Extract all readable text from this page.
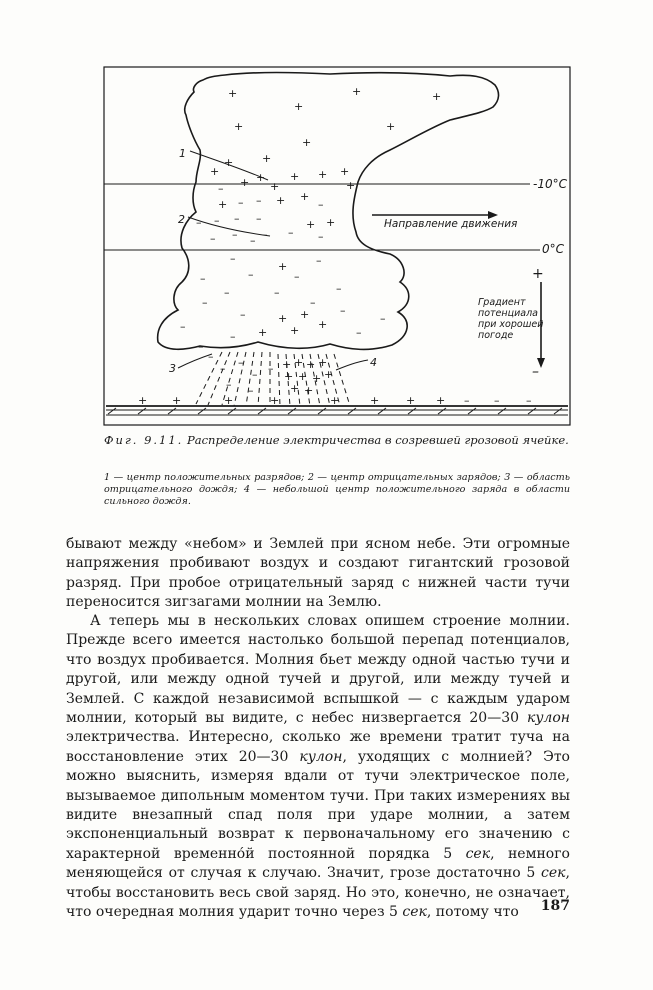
-10°C
0°C
Направление движения
+
–
Градиент потенциала при хорошей погоде
1
2
3	4
+	+	+
+
+
+
+
+
+
+	+ +
+
+
+
+
+
–
–
+	– + +
–
– – – –
– – –
+ +
–	–	–
–
+
–
–
–	–
–	–	–
–	–
–
–	+ +
+ + +
–	–
–
–
–
–
– –
– –
– –
+ + + +
+ + +
+ +
+
+ +	+	+	+	+ + + – – –
Фиг. 9.11. Распределение электричества в созревшей грозовой ячейке.
1 — центр положительных разрядов; 2 — центр отрицательных зарядов; 3 — область отрицательного дождя; 4 — небольшой центр положительного заряда в области сильного дождя.

бывают между «небом» и Землей при ясном небе. Эти огромные напряжения пробивают воздух и создают гигантский грозовой разряд. При пробое отрицательный заряд с нижней части тучи переносится зигзагами молнии на Землю.

А теперь мы в нескольких словах опишем строение молнии. Прежде всего имеется настолько большой перепад потенциалов, что воздух пробивается. Молния бьет между одной частью тучи и другой, или между одной тучей и другой, или между тучей и Землей. С каждой независимой вспышкой — с каждым ударом молнии, который вы видите, с небес низвергается 20—30 кулон электричества. Интересно, сколько же времени тратит туча на восстановление этих 20—30 кулон, уходящих с молнией? Это можно выяснить, измеряя вдали от тучи электрическое поле, вызываемое дипольным моментом тучи. При таких измерениях вы видите внезапный спад поля при ударе молнии, а затем экспоненциальный возврат к первоначальному его значению с характерной временно́й постоянной порядка 5 сек, немного меняющейся от случая к случаю. Значит, грозе достаточно 5 сек, чтобы восстановить весь свой заряд. Но это, конечно, не означает, что очередная молния ударит точно через 5 сек, потому что	187
